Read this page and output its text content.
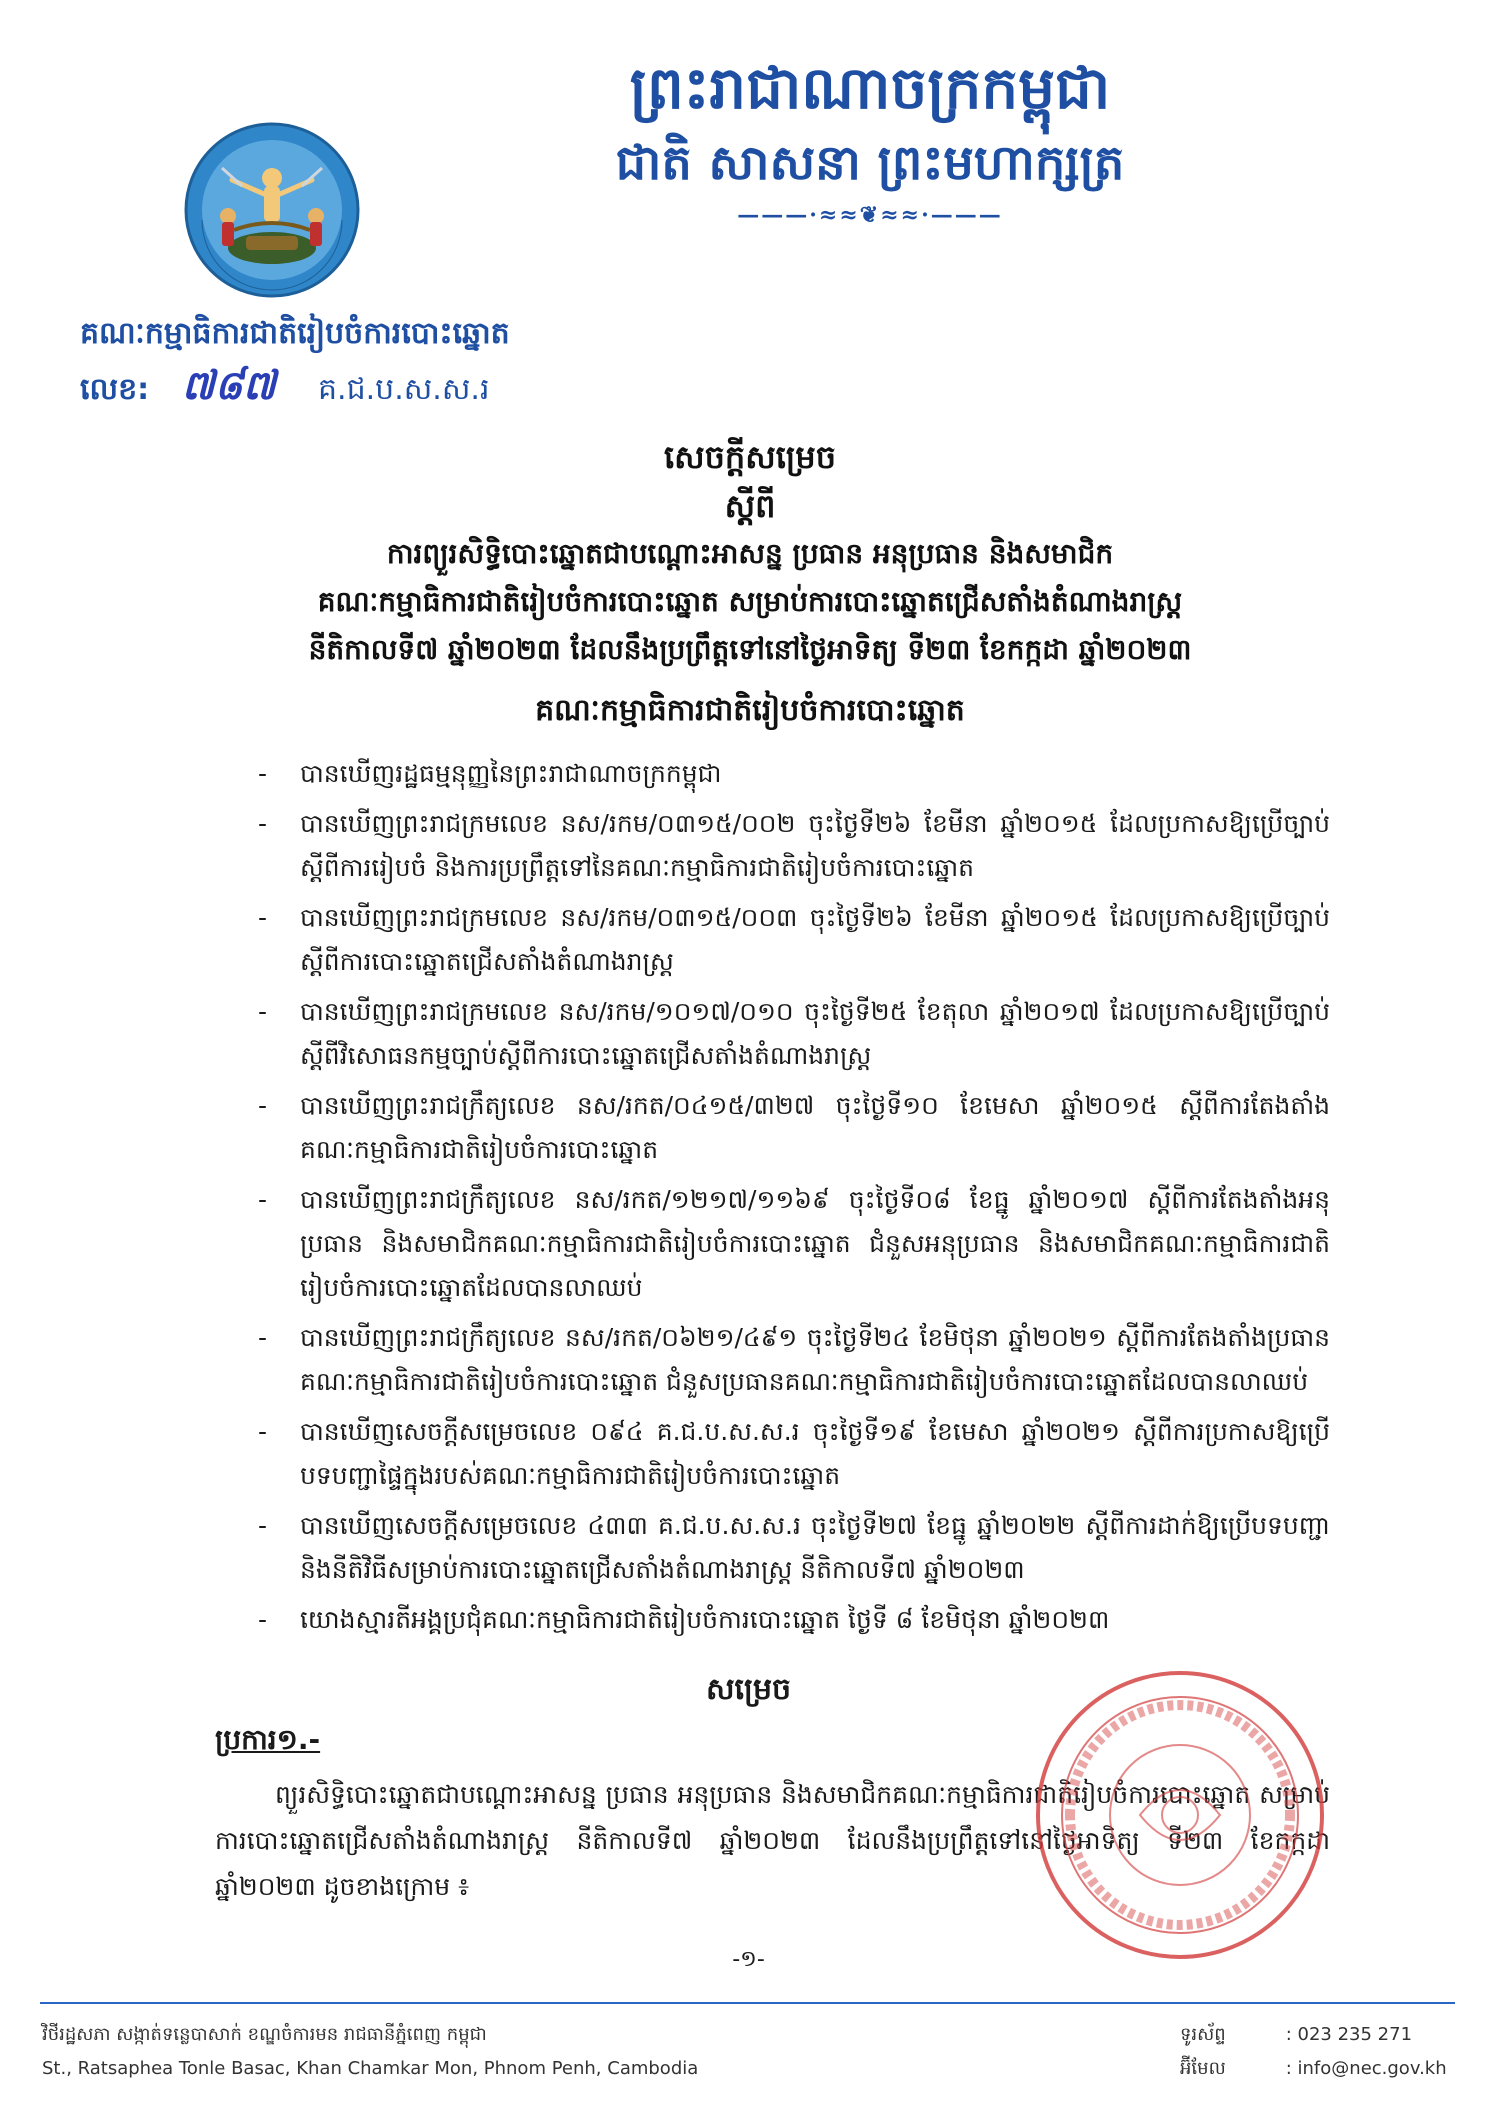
ព្រះរាជាណាចក្រកម្ពុជា
ជាតិ សាសនា ព្រះមហាក្សត្រ
———·≈≈❦≈≈·———
គណៈកម្មាធិការជាតិរៀបចំការបោះឆ្នោត
លេខ: ៧៨៧ គ.ជ.ប.ស.ស.រ
សេចក្ដីសម្រេច
ស្ដីពី
ការព្យួរសិទ្ធិបោះឆ្នោតជាបណ្ដោះអាសន្ន ប្រធាន អនុប្រធាន និងសមាជិក
គណៈកម្មាធិការជាតិរៀបចំការបោះឆ្នោត សម្រាប់ការបោះឆ្នោតជ្រើសតាំងតំណាងរាស្ត្រ
នីតិកាលទី៧ ឆ្នាំ២០២៣ ដែលនឹងប្រព្រឹត្តទៅនៅថ្ងៃអាទិត្យ ទី២៣ ខែកក្កដា ឆ្នាំ២០២៣
គណៈកម្មាធិការជាតិរៀបចំការបោះឆ្នោត
- បានឃើញរដ្ឋធម្មនុញ្ញនៃព្រះរាជាណាចក្រកម្ពុជា
- បានឃើញព្រះរាជក្រមលេខ នស/រកម/០៣១៥/០០២ ចុះថ្ងៃទី២៦ ខែមីនា ឆ្នាំ២០១៥ ដែលប្រកាសឱ្យប្រើច្បាប់ស្ដីពីការរៀបចំ និងការប្រព្រឹត្តទៅនៃគណៈកម្មាធិការជាតិរៀបចំការបោះឆ្នោត
- បានឃើញព្រះរាជក្រមលេខ នស/រកម/០៣១៥/០០៣ ចុះថ្ងៃទី២៦ ខែមីនា ឆ្នាំ២០១៥ ដែលប្រកាសឱ្យប្រើច្បាប់ស្ដីពីការបោះឆ្នោតជ្រើសតាំងតំណាងរាស្ត្រ
- បានឃើញព្រះរាជក្រមលេខ នស/រកម/១០១៧/០១០ ចុះថ្ងៃទី២៥ ខែតុលា ឆ្នាំ២០១៧ ដែលប្រកាសឱ្យប្រើច្បាប់ស្ដីពីវិសោធនកម្មច្បាប់ស្ដីពីការបោះឆ្នោតជ្រើសតាំងតំណាងរាស្ត្រ
- បានឃើញព្រះរាជក្រឹត្យលេខ នស/រកត/០៤១៥/៣២៧ ចុះថ្ងៃទី១០ ខែមេសា ឆ្នាំ២០១៥ ស្ដីពីការតែងតាំងគណៈកម្មាធិការជាតិរៀបចំការបោះឆ្នោត
- បានឃើញព្រះរាជក្រឹត្យលេខ នស/រកត/១២១៧/១១៦៩ ចុះថ្ងៃទី០៨ ខែធ្នូ ឆ្នាំ២០១៧ ស្ដីពីការតែងតាំងអនុប្រធាន និងសមាជិកគណៈកម្មាធិការជាតិរៀបចំការបោះឆ្នោត ជំនួសអនុប្រធាន និងសមាជិកគណៈកម្មាធិការជាតិរៀបចំការបោះឆ្នោតដែលបានលាឈប់
- បានឃើញព្រះរាជក្រឹត្យលេខ នស/រកត/០៦២១/៤៩១ ចុះថ្ងៃទី២៤ ខែមិថុនា ឆ្នាំ២០២១ ស្ដីពីការតែងតាំងប្រធានគណៈកម្មាធិការជាតិរៀបចំការបោះឆ្នោត ជំនួសប្រធានគណៈកម្មាធិការជាតិរៀបចំការបោះឆ្នោតដែលបានលាឈប់
- បានឃើញសេចក្ដីសម្រេចលេខ ០៩៤ គ.ជ.ប.ស.ស.រ ចុះថ្ងៃទី១៩ ខែមេសា ឆ្នាំ២០២១ ស្ដីពីការប្រកាសឱ្យប្រើបទបញ្ជាផ្ទៃក្នុងរបស់គណៈកម្មាធិការជាតិរៀបចំការបោះឆ្នោត
- បានឃើញសេចក្ដីសម្រេចលេខ ៤៣៣ គ.ជ.ប.ស.ស.រ ចុះថ្ងៃទី២៧ ខែធ្នូ ឆ្នាំ២០២២ ស្ដីពីការដាក់ឱ្យប្រើបទបញ្ជា និងនីតិវិធីសម្រាប់ការបោះឆ្នោតជ្រើសតាំងតំណាងរាស្ត្រ នីតិកាលទី៧ ឆ្នាំ២០២៣
- យោងស្មារតីអង្គប្រជុំគណៈកម្មាធិការជាតិរៀបចំការបោះឆ្នោត ថ្ងៃទី ៨ ខែមិថុនា ឆ្នាំ២០២៣
សម្រេច
ប្រការ១.-

ព្យួរសិទ្ធិបោះឆ្នោតជាបណ្ដោះអាសន្ន ប្រធាន អនុប្រធាន និងសមាជិកគណៈកម្មាធិការជាតិរៀបចំការបោះឆ្នោត សម្រាប់ការបោះឆ្នោតជ្រើសតាំងតំណាងរាស្ត្រ នីតិកាលទី៧ ឆ្នាំ២០២៣ ដែលនឹងប្រព្រឹត្តទៅនៅថ្ងៃអាទិត្យ ទី២៣ ខែកក្កដា ឆ្នាំ២០២៣ ដូចខាងក្រោម ៖

-១-
វិថីរដ្ឋសភា សង្កាត់ទន្លេបាសាក់ ខណ្ឌចំការមន រាជធានីភ្នំពេញ កម្ពុជា
St., Ratsaphea Tonle Basac, Khan Chamkar Mon, Phnom Penh, Cambodia
ទូរស័ព្ទ	: 023 235 271
អ៊ីមែល	: info@nec.gov.kh
